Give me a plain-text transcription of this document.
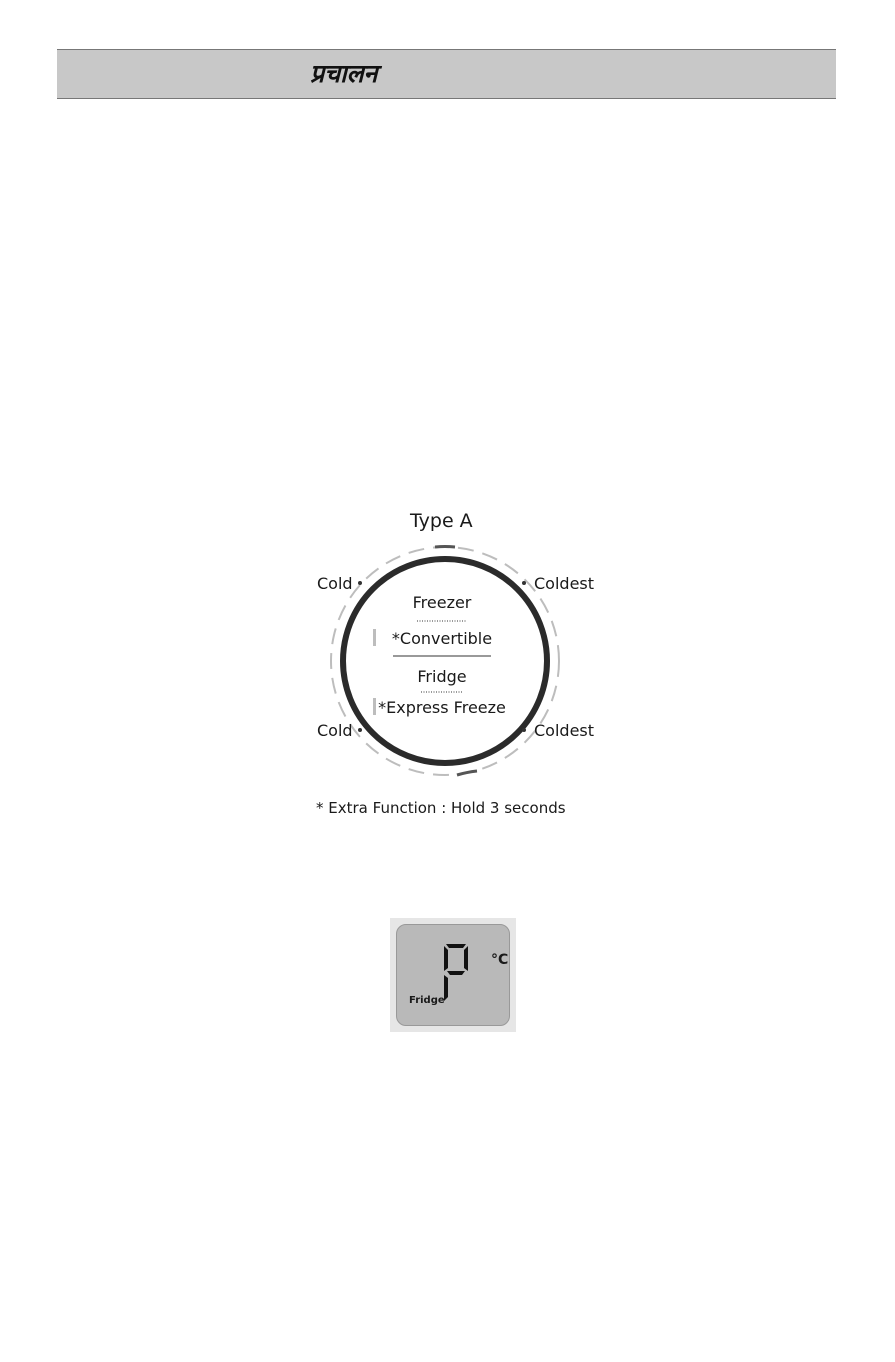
प्रचालन
Type A
Cold	Coldest
Cold	Coldest
Freezer
*Convertible
Fridge
*Express Freeze
* Extra Function : Hold 3 seconds
°C
Fridge
